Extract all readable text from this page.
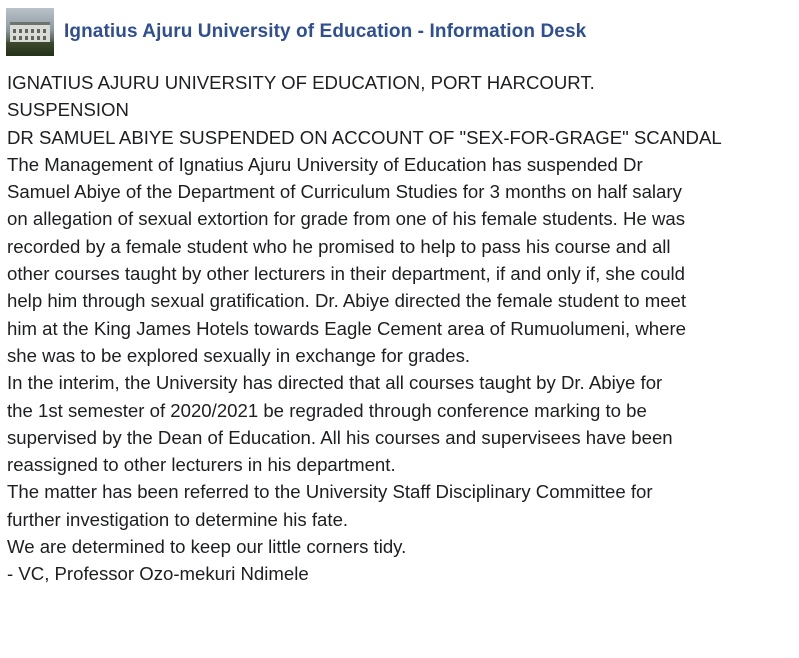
Ignatius Ajuru University of Education - Information Desk

IGNATIUS AJURU UNIVERSITY OF EDUCATION, PORT HARCOURT.

SUSPENSION

DR SAMUEL ABIYE SUSPENDED ON ACCOUNT OF "SEX-FOR-GRAGE" SCANDAL

The Management of Ignatius Ajuru University of Education has suspended Dr

Samuel Abiye of the Department of Curriculum Studies for 3 months on half salary

on allegation of sexual extortion for grade from one of his female students. He was

recorded by a female student who he promised to help to pass his course and all

other courses taught by other lecturers in their department, if and only if, she could

help him through sexual gratification. Dr. Abiye directed the female student to meet

him at the King James Hotels towards Eagle Cement area of Rumuolumeni, where

she was to be explored sexually in exchange for grades.

In the interim, the University has directed that all courses taught by Dr. Abiye for

the 1st semester of 2020/2021 be regraded through conference marking to be

supervised by the Dean of Education. All his courses and supervisees have been

reassigned to other lecturers in his department.

The matter has been referred to the University Staff Disciplinary Committee for

further investigation to determine his fate.

We are determined to keep our little corners tidy.

- VC, Professor Ozo-mekuri Ndimele
